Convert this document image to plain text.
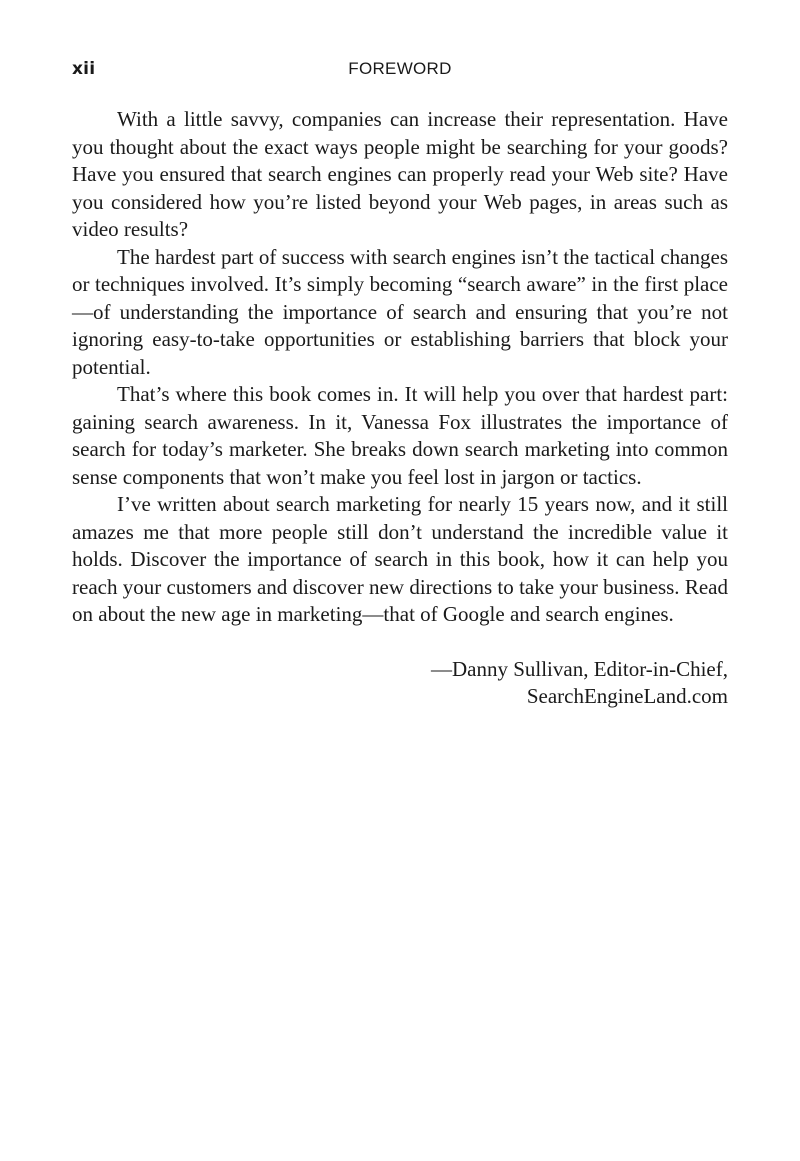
xii	FOREWORD

With a little savvy, companies can increase their representation. Have you thought about the exact ways people might be searching for your goods? Have you ensured that search engines can properly read your Web site? Have you considered how you’re listed beyond your Web pages, in areas such as video results?

The hardest part of success with search engines isn’t the tactical changes or techniques involved. It’s simply becoming “search aware” in the first place—of understanding the importance of search and ensuring that you’re not ignoring easy-to-take opportunities or establishing barriers that block your potential.

That’s where this book comes in. It will help you over that hardest part: gaining search awareness. In it, Vanessa Fox illustrates the importance of search for today’s marketer. She breaks down search marketing into common sense components that won’t make you feel lost in jargon or tactics.

I’ve written about search marketing for nearly 15 years now, and it still amazes me that more people still don’t understand the incredible value it holds. Discover the importance of search in this book, how it can help you reach your customers and discover new directions to take your business. Read on about the new age in marketing—that of Google and search engines.

—Danny Sullivan, Editor-in-Chief,
SearchEngineLand.com
